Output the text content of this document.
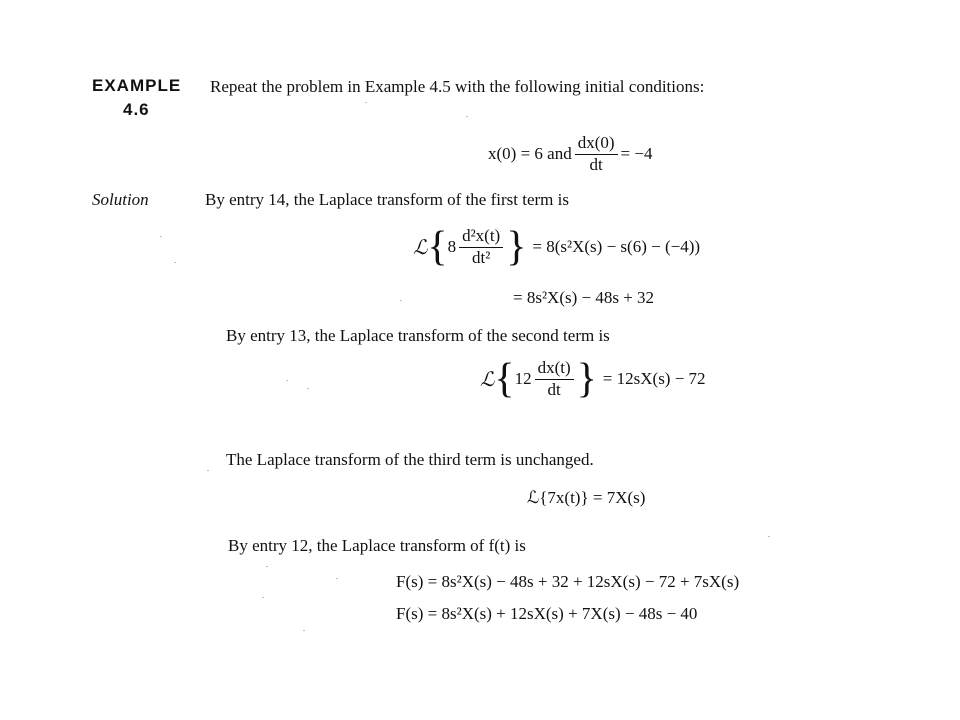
EXAMPLE
4.6
Repeat the problem in Example 4.5 with the following initial conditions:
x(0) = 6 and $\frac{dx(0)}{dt} = -4$
Solution	By entry 14, the Laplace transform of the first term is
ℒ { $8 \frac{\text{d²x(t)}}{\text{dt²}}$ } = 8(s²X(s) − s(6) − (−4))
= 8s²X(s) − 48s + 32
By entry 13, the Laplace transform of the second term is
ℒ { $12 \frac{dx(t)}{dt}$ } = 12sX(s) − 72
The Laplace transform of the third term is unchanged.
ℒ{7x(t)} = 7X(s)
By entry 12, the Laplace transform of f(t) is
F(s) = 8s²X(s) − 48s + 32 + 12sX(s) − 72 + 7sX(s)
F(s) = 8s²X(s) + 12sX(s) + 7X(s) − 48s − 40
